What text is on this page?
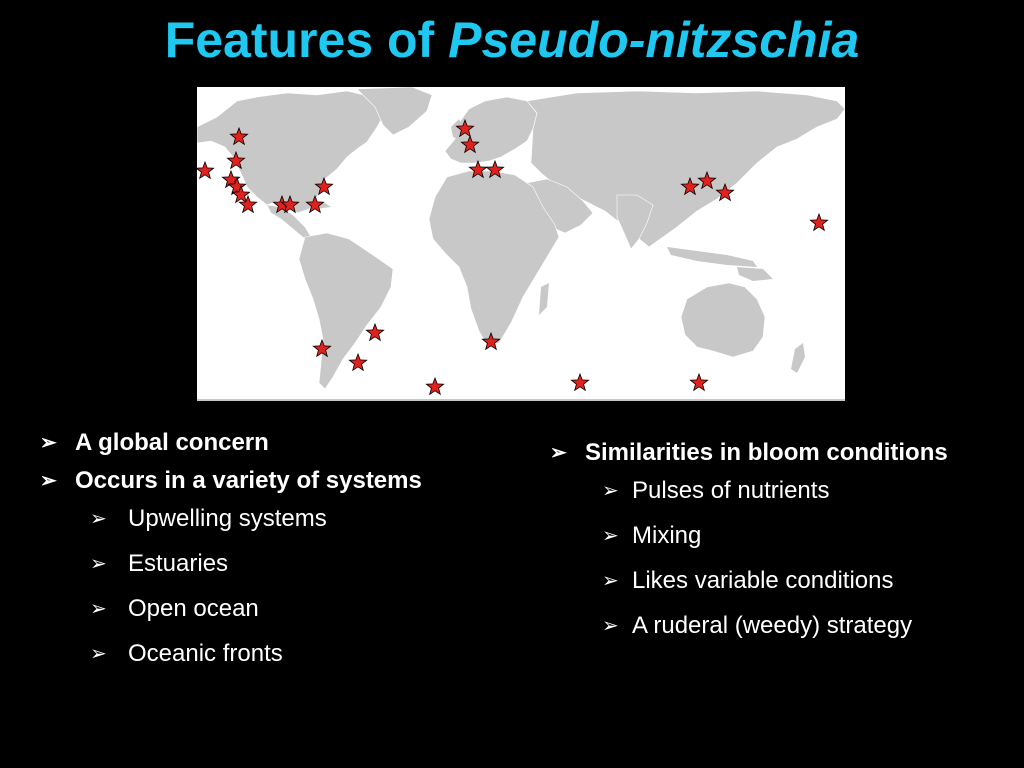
Features of Pseudo-nitzschia
➢ A global concern
➢ Occurs in a variety of systems
➢ Upwelling systems
➢ Estuaries
➢ Open ocean
➢ Oceanic fronts
➢ Similarities in bloom conditions
➢ Pulses of nutrients
➢ Mixing
➢ Likes variable conditions
➢ A ruderal (weedy) strategy
